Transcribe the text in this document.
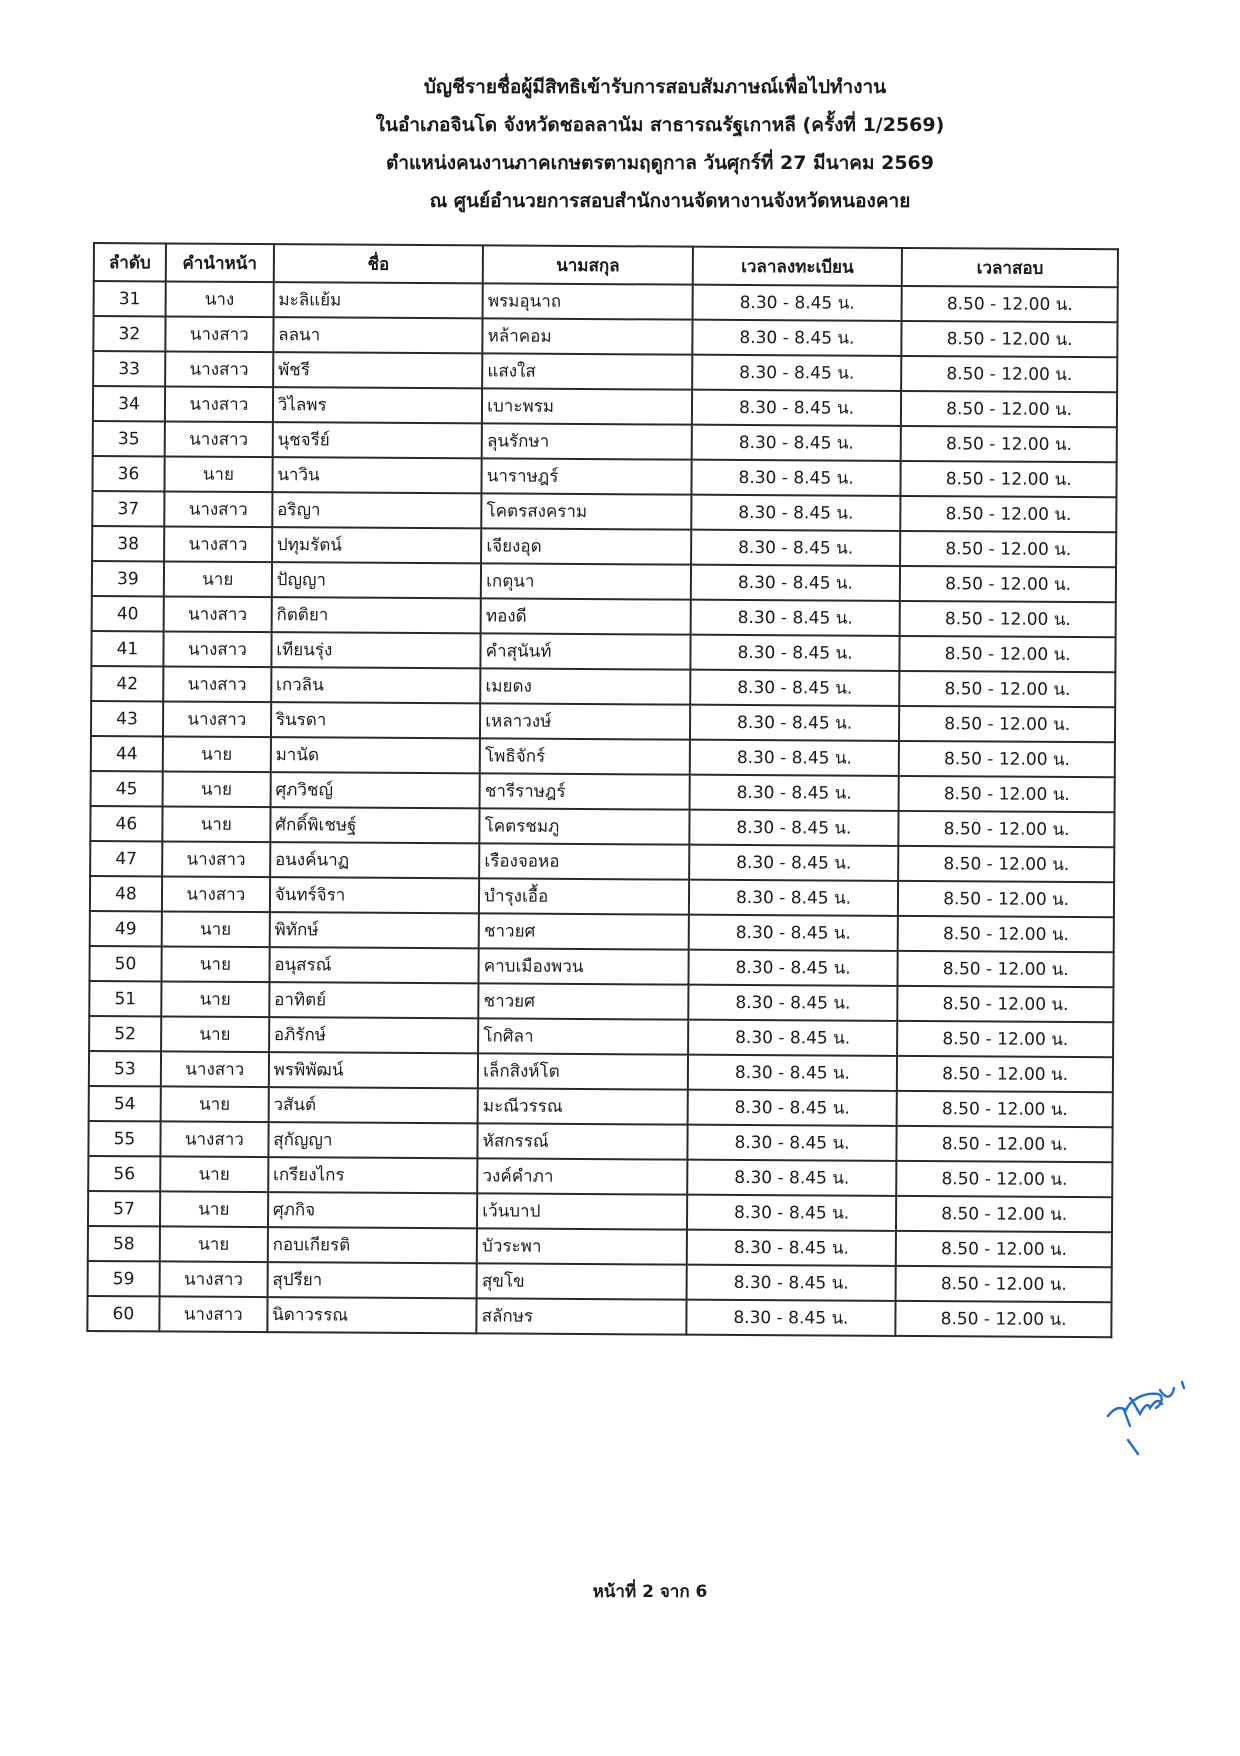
บัญชีรายชื่อผู้มีสิทธิเข้ารับการสอบสัมภาษณ์เพื่อไปทำงาน
ในอำเภอจินโด จังหวัดชอลลานัม สาธารณรัฐเกาหลี (ครั้งที่ 1/2569)
ตำแหน่งคนงานภาคเกษตรตามฤดูกาล วันศุกร์ที่ 27 มีนาคม 2569
ณ ศูนย์อำนวยการสอบสำนักงานจัดหางานจังหวัดหนองคาย
ลำดับ	คำนำหน้า	ชื่อ	นามสกุล	เวลาลงทะเบียน	เวลาสอบ
31	นาง	มะลิแย้ม	พรมอุนาถ	8.30 - 8.45 น.	8.50 - 12.00 น.
32	นางสาว	ลลนา	หล้าคอม	8.30 - 8.45 น.	8.50 - 12.00 น.
33	นางสาว	พัชรี	แสงใส	8.30 - 8.45 น.	8.50 - 12.00 น.
34	นางสาว	วิไลพร	เบาะพรม	8.30 - 8.45 น.	8.50 - 12.00 น.
35	นางสาว	นุชจรีย์	ลุนรักษา	8.30 - 8.45 น.	8.50 - 12.00 น.
36	นาย	นาวิน	นาราษฎร์	8.30 - 8.45 น.	8.50 - 12.00 น.
37	นางสาว	อริญา	โคตรสงคราม	8.30 - 8.45 น.	8.50 - 12.00 น.
38	นางสาว	ปทุมรัตน์	เจียงอุด	8.30 - 8.45 น.	8.50 - 12.00 น.
39	นาย	ปัญญา	เกตุนา	8.30 - 8.45 น.	8.50 - 12.00 น.
40	นางสาว	กิตติยา	ทองดี	8.30 - 8.45 น.	8.50 - 12.00 น.
41	นางสาว	เทียนรุ่ง	คำสุนันท์	8.30 - 8.45 น.	8.50 - 12.00 น.
42	นางสาว	เกวลิน	เมยดง	8.30 - 8.45 น.	8.50 - 12.00 น.
43	นางสาว	รินรดา	เหลาวงษ์	8.30 - 8.45 น.	8.50 - 12.00 น.
44	นาย	มานัด	โพธิจักร์	8.30 - 8.45 น.	8.50 - 12.00 น.
45	นาย	ศุภวิชญ์	ชารีราษฎร์	8.30 - 8.45 น.	8.50 - 12.00 น.
46	นาย	ศักดิ์พิเชษฐ์	โคตรชมภู	8.30 - 8.45 น.	8.50 - 12.00 น.
47	นางสาว	อนงค์นาฏ	เรืองจอหอ	8.30 - 8.45 น.	8.50 - 12.00 น.
48	นางสาว	จันทร์จิรา	บำรุงเอื้อ	8.30 - 8.45 น.	8.50 - 12.00 น.
49	นาย	พิทักษ์	ชาวยศ	8.30 - 8.45 น.	8.50 - 12.00 น.
50	นาย	อนุสรณ์	คาบเมืองพวน	8.30 - 8.45 น.	8.50 - 12.00 น.
51	นาย	อาทิตย์	ชาวยศ	8.30 - 8.45 น.	8.50 - 12.00 น.
52	นาย	อภิรักษ์	โกศิลา	8.30 - 8.45 น.	8.50 - 12.00 น.
53	นางสาว	พรพิพัฒน์	เล็กสิงห์โต	8.30 - 8.45 น.	8.50 - 12.00 น.
54	นาย	วสันต์	มะณีวรรณ	8.30 - 8.45 น.	8.50 - 12.00 น.
55	นางสาว	สุกัญญา	หัสกรรณ์	8.30 - 8.45 น.	8.50 - 12.00 น.
56	นาย	เกรียงไกร	วงค์คำภา	8.30 - 8.45 น.	8.50 - 12.00 น.
57	นาย	ศุภกิจ	เว้นบาป	8.30 - 8.45 น.	8.50 - 12.00 น.
58	นาย	กอบเกียรติ	บัวระพา	8.30 - 8.45 น.	8.50 - 12.00 น.
59	นางสาว	สุปรียา	สุขโข	8.30 - 8.45 น.	8.50 - 12.00 น.
60	นางสาว	นิดาวรรณ	สลักษร	8.30 - 8.45 น.	8.50 - 12.00 น.
หน้าที่ 2 จาก 6
